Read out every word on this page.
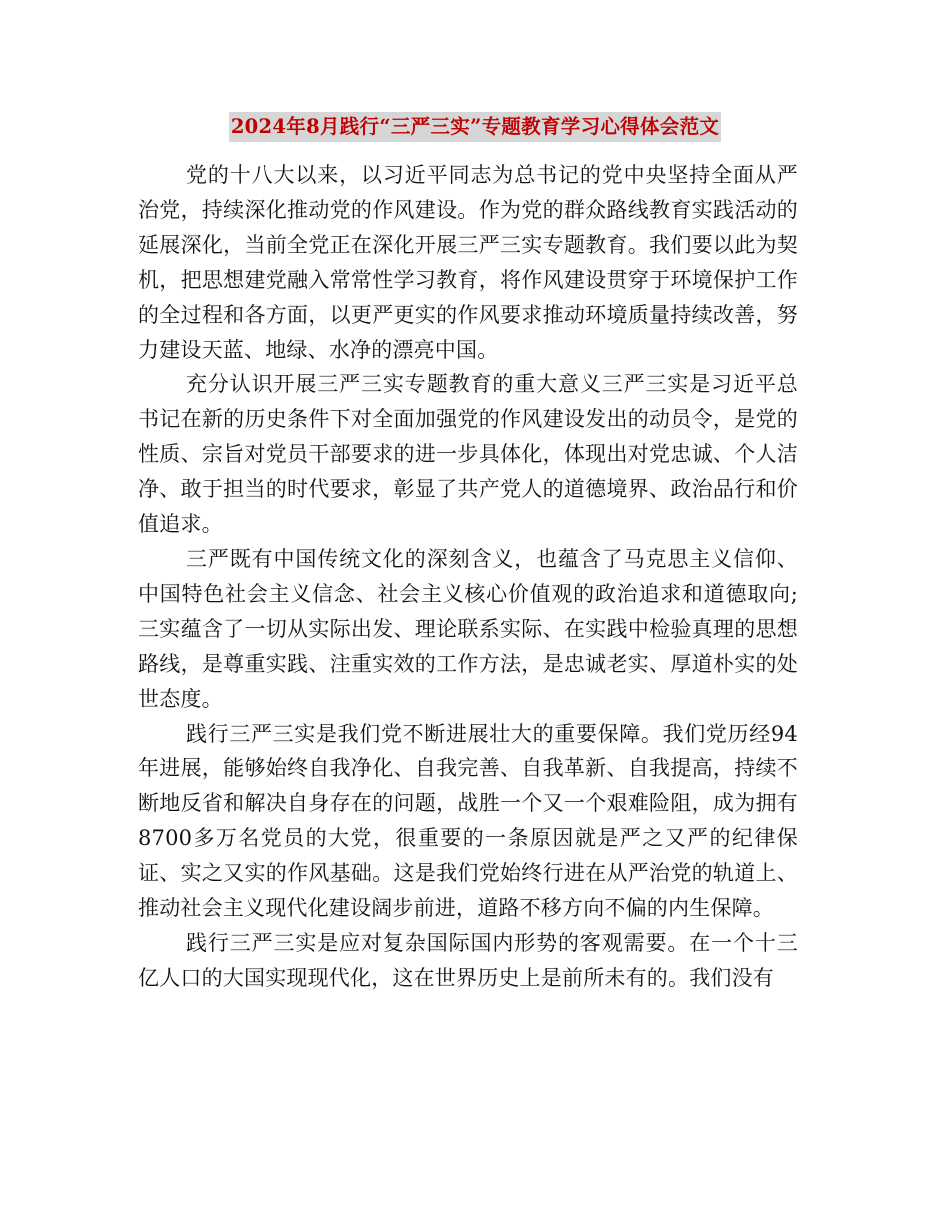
2024年8月践行“三严三实”专题教育学习心得体会范文

党的十八大以来，以习近平同志为总书记的党中央坚持全面从严治党，持续深化推动党的作风建设。作为党的群众路线教育实践活动的延展深化，当前全党正在深化开展三严三实专题教育。我们要以此为契机，把思想建党融入常常性学习教育，将作风建设贯穿于环境保护工作的全过程和各方面，以更严更实的作风要求推动环境质量持续改善，努力建设天蓝、地绿、水净的漂亮中国。

充分认识开展三严三实专题教育的重大意义三严三实是习近平总书记在新的历史条件下对全面加强党的作风建设发出的动员令，是党的性质、宗旨对党员干部要求的进一步具体化，体现出对党忠诚、个人洁净、敢于担当的时代要求，彰显了共产党人的道德境界、政治品行和价值追求。

三严既有中国传统文化的深刻含义，也蕴含了马克思主义信仰、中国特色社会主义信念、社会主义核心价值观的政治追求和道德取向;三实蕴含了一切从实际出发、理论联系实际、在实践中检验真理的思想路线，是尊重实践、注重实效的工作方法，是忠诚老实、厚道朴实的处世态度。

践行三严三实是我们党不断进展壮大的重要保障。我们党历经94年进展，能够始终自我净化、自我完善、自我革新、自我提高，持续不断地反省和解决自身存在的问题，战胜一个又一个艰难险阻，成为拥有8700多万名党员的大党，很重要的一条原因就是严之又严的纪律保证、实之又实的作风基础。这是我们党始终行进在从严治党的轨道上、推动社会主义现代化建设阔步前进，道路不移方向不偏的内生保障。

践行三严三实是应对复杂国际国内形势的客观需要。在一个十三亿人口的大国实现现代化，这在世界历史上是前所未有的。我们没有
